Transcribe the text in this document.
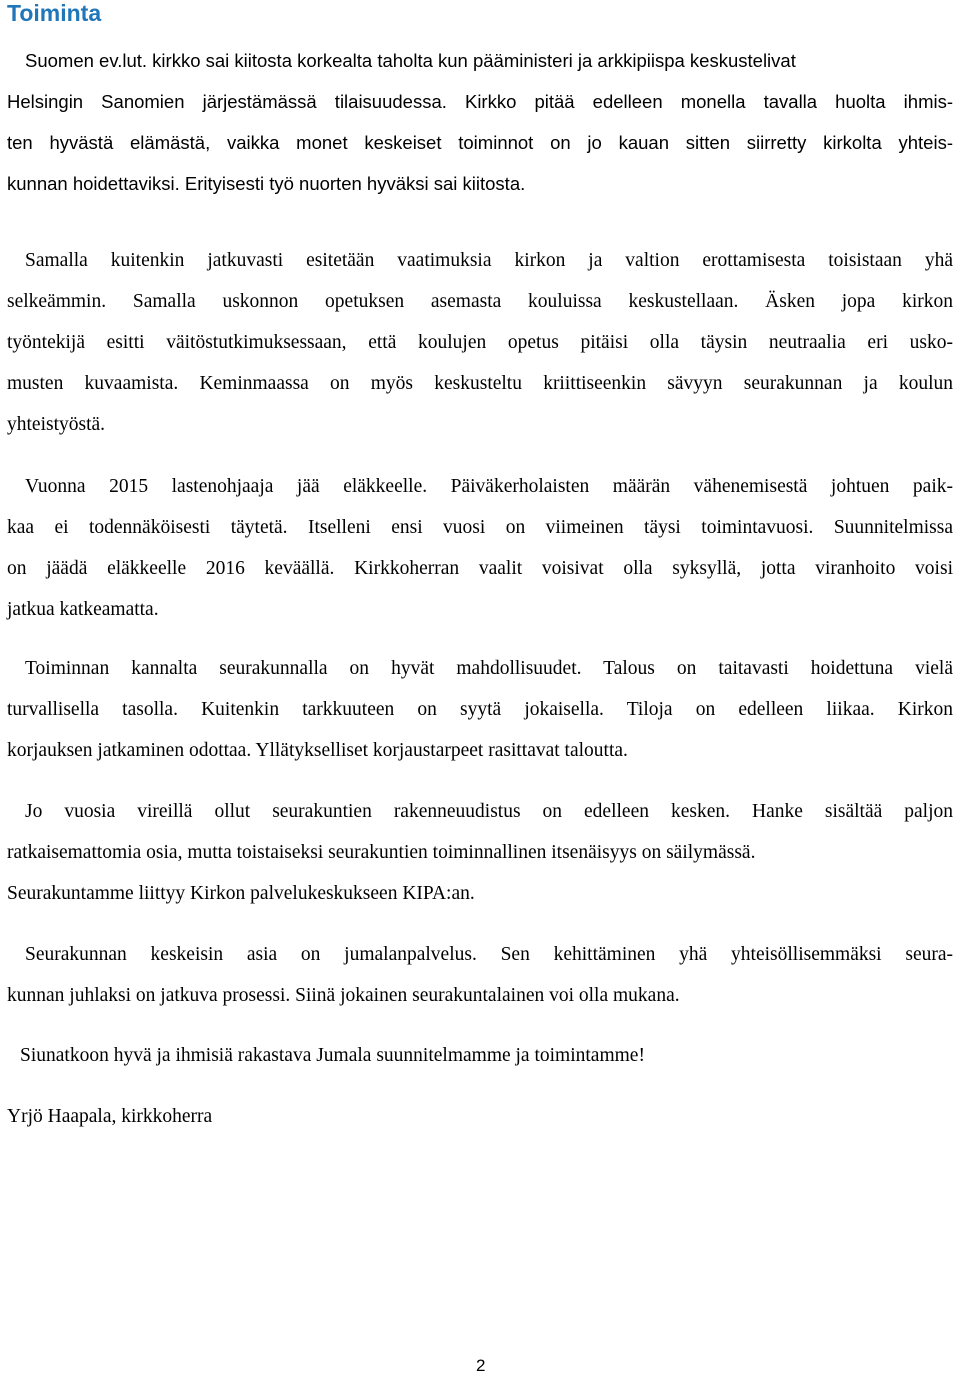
Toiminta
Suomen ev.lut. kirkko sai kiitosta korkealta taholta kun pääministeri ja arkkipiispa keskustelivat
Helsingin Sanomien järjestämässä tilaisuudessa. Kirkko pitää edelleen monella tavalla huolta ihmis-
ten hyvästä elämästä, vaikka monet keskeiset toiminnot on jo kauan sitten siirretty kirkolta yhteis-
kunnan hoidettaviksi. Erityisesti työ nuorten hyväksi sai kiitosta.
Samalla kuitenkin jatkuvasti esitetään vaatimuksia kirkon ja valtion erottamisesta toisistaan yhä
selkeämmin. Samalla uskonnon opetuksen asemasta kouluissa keskustellaan. Äsken jopa kirkon
työntekijä esitti väitöstutkimuksessaan, että koulujen opetus pitäisi olla täysin neutraalia eri usko-
musten kuvaamista. Keminmaassa on myös keskusteltu kriittiseenkin sävyyn seurakunnan ja koulun
yhteistyöstä.
Vuonna 2015 lastenohjaaja jää eläkkeelle. Päiväkerholaisten määrän vähenemisestä johtuen paik-
kaa ei todennäköisesti täytetä. Itselleni ensi vuosi on viimeinen täysi toimintavuosi. Suunnitelmissa
on jäädä eläkkeelle 2016 keväällä. Kirkkoherran vaalit voisivat olla syksyllä, jotta viranhoito voisi
jatkua katkeamatta.
Toiminnan kannalta seurakunnalla on hyvät mahdollisuudet. Talous on taitavasti hoidettuna vielä
turvallisella tasolla. Kuitenkin tarkkuuteen on syytä jokaisella. Tiloja on edelleen liikaa. Kirkon
korjauksen jatkaminen odottaa. Yllätykselliset korjaustarpeet rasittavat taloutta.
Jo vuosia vireillä ollut seurakuntien rakenneuudistus on edelleen kesken. Hanke sisältää paljon
ratkaisemattomia osia, mutta toistaiseksi seurakuntien toiminnallinen itsenäisyys on säilymässä.
Seurakuntamme liittyy Kirkon palvelukeskukseen KIPA:an.
Seurakunnan keskeisin asia on jumalanpalvelus. Sen kehittäminen yhä yhteisöllisemmäksi seura-
kunnan juhlaksi on jatkuva prosessi. Siinä jokainen seurakuntalainen voi olla mukana.
Siunatkoon hyvä ja ihmisiä rakastava Jumala suunnitelmamme ja toimintamme!
Yrjö Haapala, kirkkoherra
2
